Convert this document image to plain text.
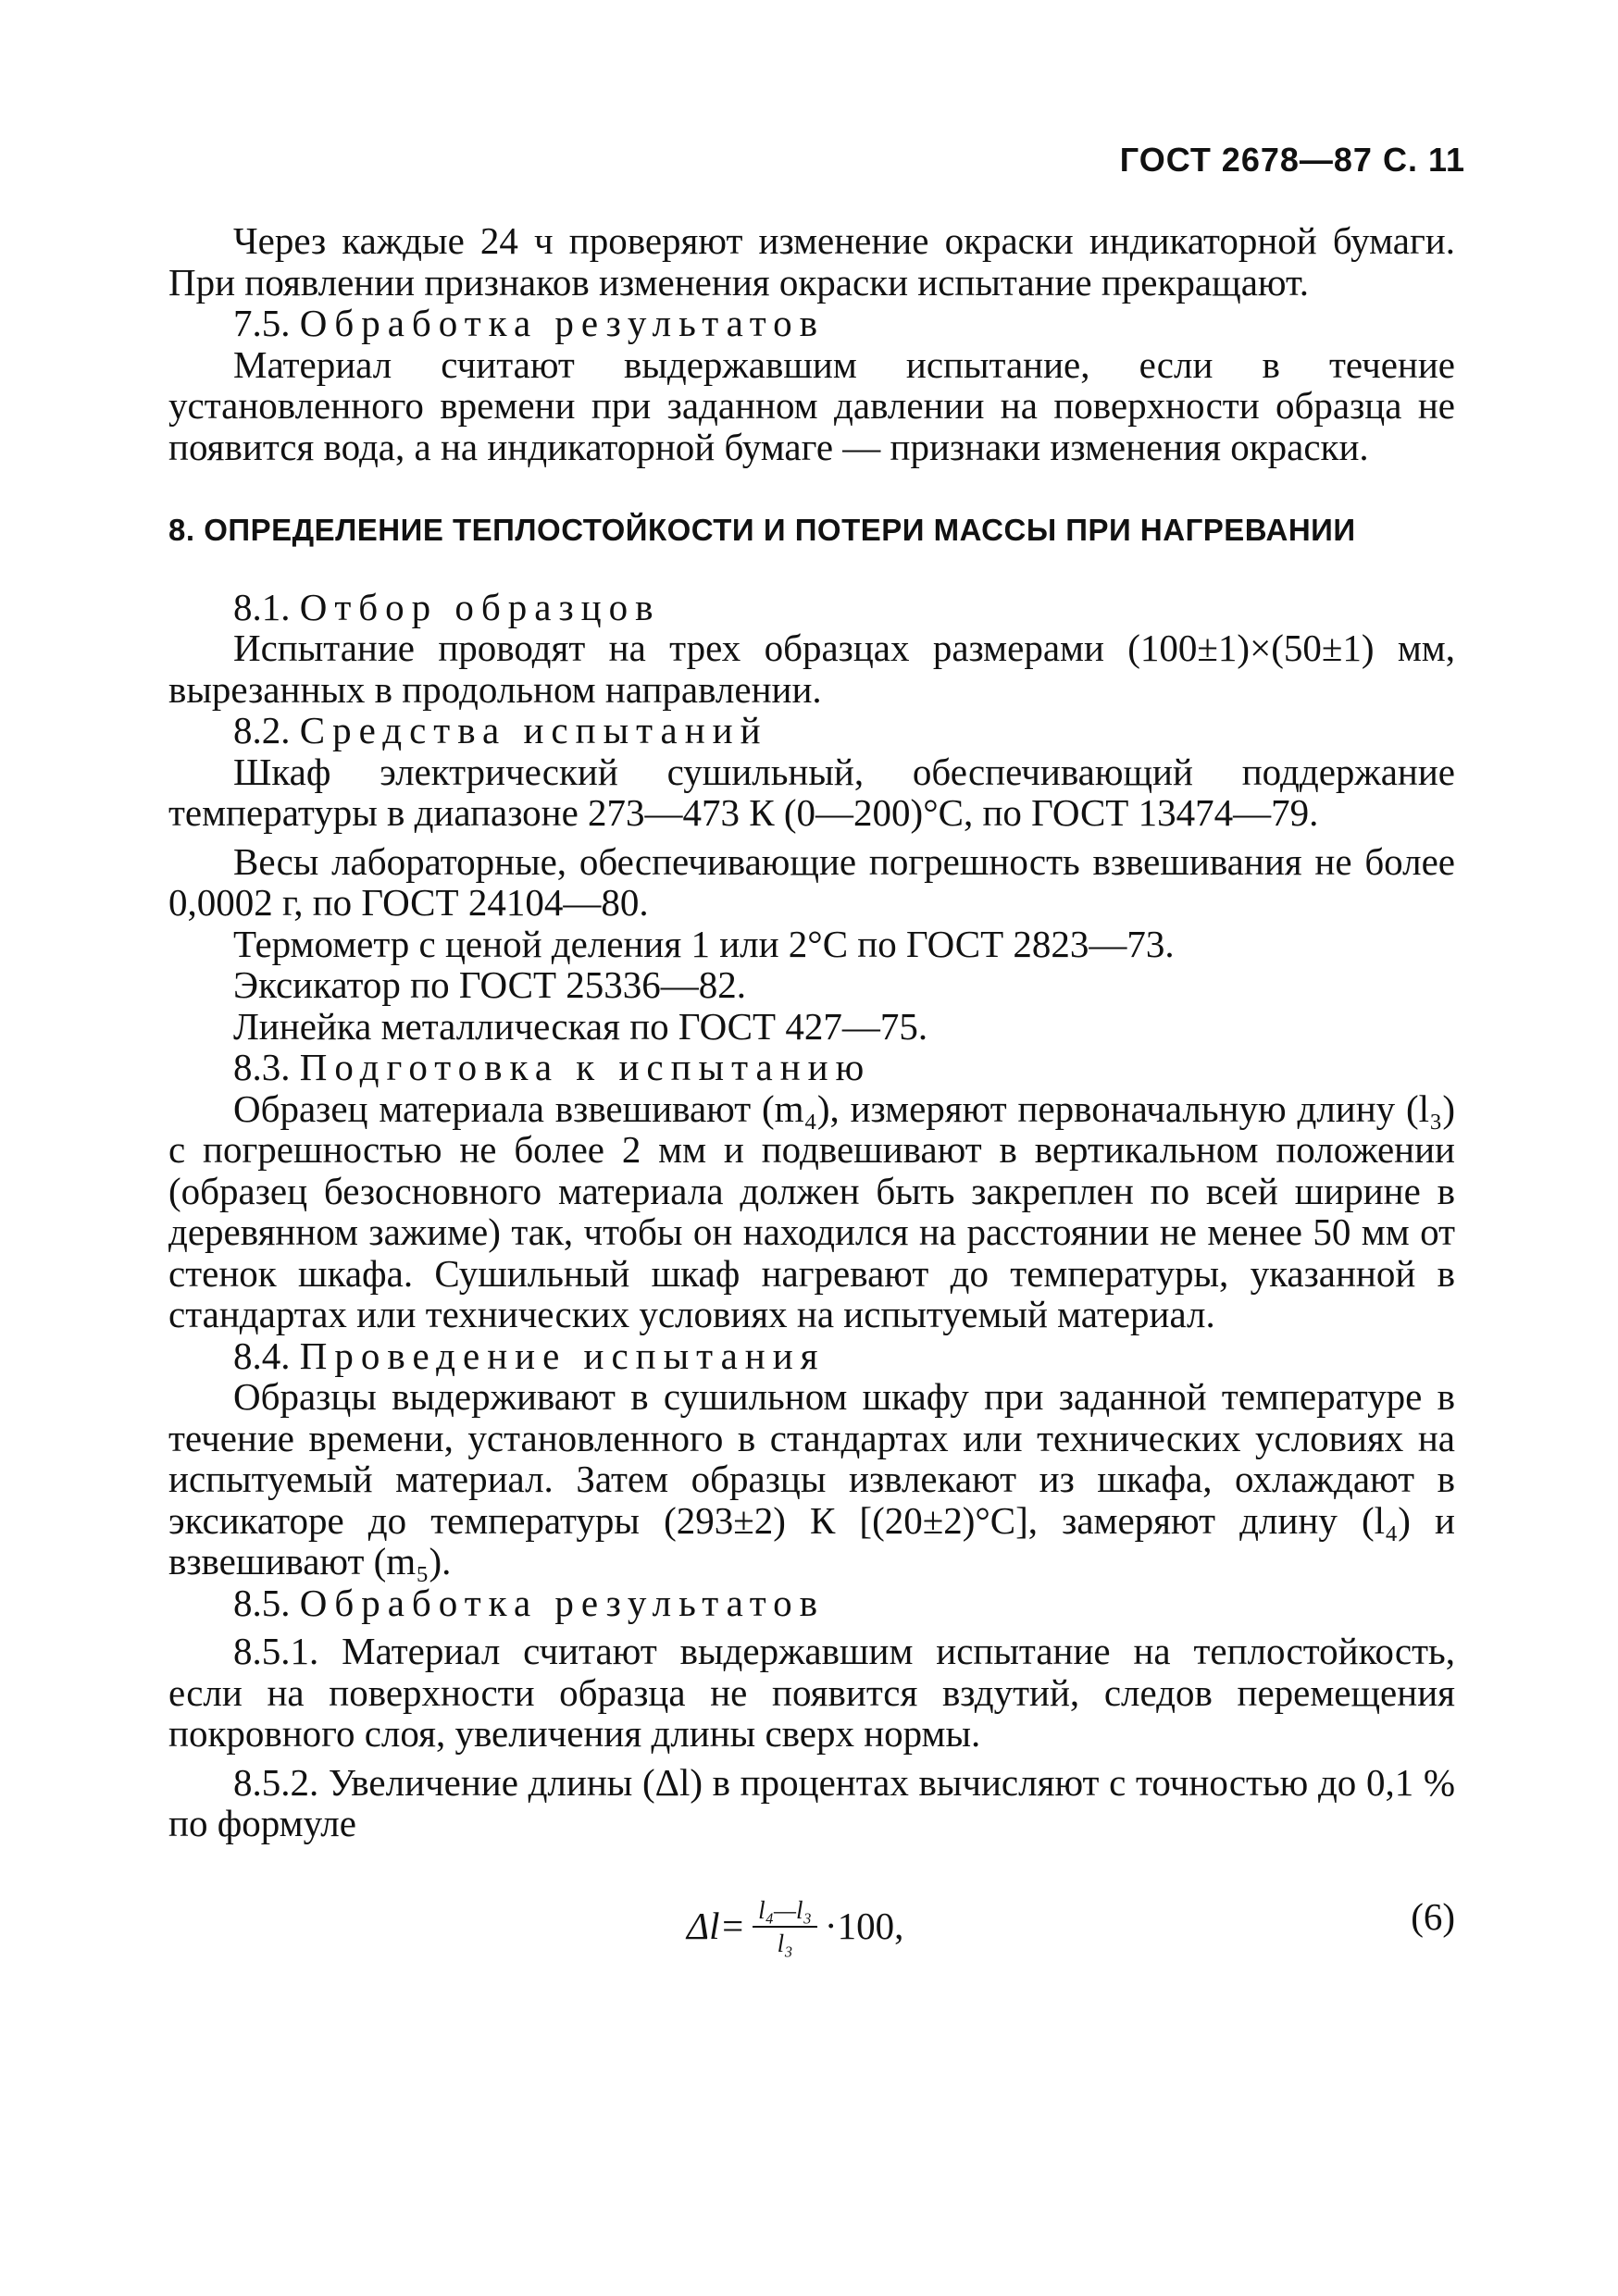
ГОСТ 2678—87 С. 11

Через каждые 24 ч проверяют изменение окраски индикаторной бумаги. При появлении признаков изменения окраски испытание прекращают.

7.5. Обработка результатов

Материал считают выдержавшим испытание, если в течение установленного времени при заданном давлении на поверхности образца не появится вода, а на индикаторной бумаге — признаки изменения окраски.

8. ОПРЕДЕЛЕНИЕ ТЕПЛОСТОЙКОСТИ И ПОТЕРИ МАССЫ ПРИ НАГРЕВАНИИ
8.1. Отбор образцов

Испытание проводят на трех образцах размерами (100±1)×(50±1) мм, вырезанных в продольном направлении.

8.2. Средства испытаний

Шкаф электрический сушильный, обеспечивающий поддержание температуры в диапазоне 273—473 К (0—200)°С, по ГОСТ 13474—79.

Весы лабораторные, обеспечивающие погрешность взвешивания не более 0,0002 г, по ГОСТ 24104—80.

Термометр с ценой деления 1 или 2°С по ГОСТ 2823—73.

Эксикатор по ГОСТ 25336—82.

Линейка металлическая по ГОСТ 427—75.

8.3. Подготовка к испытанию

Образец материала взвешивают (m₄), измеряют первоначальную длину (l₃) с погрешностью не более 2 мм и подвешивают в вертикальном положении (образец безосновного материала должен быть закреплен по всей ширине в деревянном зажиме) так, чтобы он находился на расстоянии не менее 50 мм от стенок шкафа. Сушильный шкаф нагревают до температуры, указанной в стандартах или технических условиях на испытуемый материал.

8.4. Проведение испытания

Образцы выдерживают в сушильном шкафу при заданной температуре в течение времени, установленного в стандартах или технических условиях на испытуемый материал. Затем образцы извлекают из шкафа, охлаждают в эксикаторе до температуры (293±2) К [(20±2)°С], замеряют длину (l₄) и взвешивают (m₅).

8.5. Обработка результатов

8.5.1. Материал считают выдержавшим испытание на теплостойкость, если на поверхности образца не появится вздутий, следов перемещения покровного слоя, увеличения длины сверх нормы.

8.5.2. Увеличение длины (Δl) в процентах вычисляют с точностью до 0,1 % по формуле

$\Delta l= \frac{\text{l₄—l₃}}{\text{l₃}} \cdot 100$,	(6)
